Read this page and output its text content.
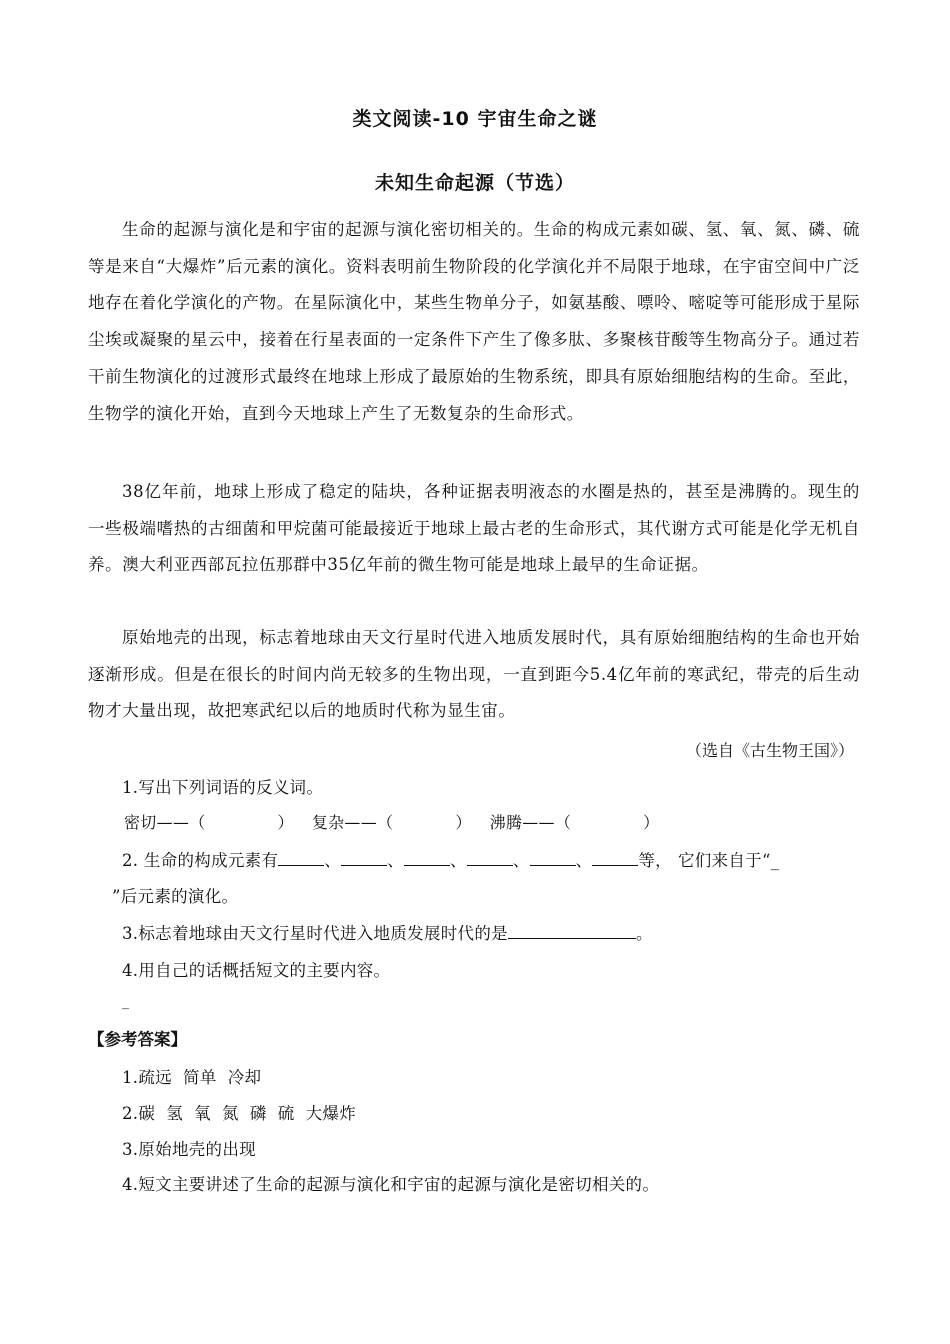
类文阅读-10 宇宙生命之谜
未知生命起源（节选）
生命的起源与演化是和宇宙的起源与演化密切相关的。生命的构成元素如碳、氢、氧、氮、磷、硫等是来自“大爆炸”后元素的演化。资料表明前生物阶段的化学演化并不局限于地球，在宇宙空间中广泛地存在着化学演化的产物。在星际演化中，某些生物单分子，如氨基酸、嘌呤、嘧啶等可能形成于星际尘埃或凝聚的星云中，接着在行星表面的一定条件下产生了像多肽、多聚核苷酸等生物高分子。通过若干前生物演化的过渡形式最终在地球上形成了最原始的生物系统，即具有原始细胞结构的生命。至此，生物学的演化开始，直到今天地球上产生了无数复杂的生命形式。
38亿年前，地球上形成了稳定的陆块，各种证据表明液态的水圈是热的，甚至是沸腾的。现生的一些极端嗜热的古细菌和甲烷菌可能最接近于地球上最古老的生命形式，其代谢方式可能是化学无机自养。澳大利亚西部瓦拉伍那群中35亿年前的微生物可能是地球上最早的生命证据。
原始地壳的出现，标志着地球由天文行星时代进入地质发展时代，具有原始细胞结构的生命也开始逐渐形成。但是在很长的时间内尚无较多的生物出现，一直到距今5.4亿年前的寒武纪，带壳的后生动物才大量出现，故把寒武纪以后的地质时代称为显生宙。
（选自《古生物王国》）
1.写出下列词语的反义词。
密切——（	） 复杂——（	） 沸腾——（	）
2. 生命的构成元素有	、	、	、	、	、	等， 它们来自于“_
”后元素的演化。
3.标志着地球由天文行星时代进入地质发展时代的是	。
4.用自己的话概括短文的主要内容。
_
【参考答案】
1.疏远  简单  冷却
2.碳  氢  氧  氮  磷  硫  大爆炸
3.原始地壳的出现
4.短文主要讲述了生命的起源与演化和宇宙的起源与演化是密切相关的。
